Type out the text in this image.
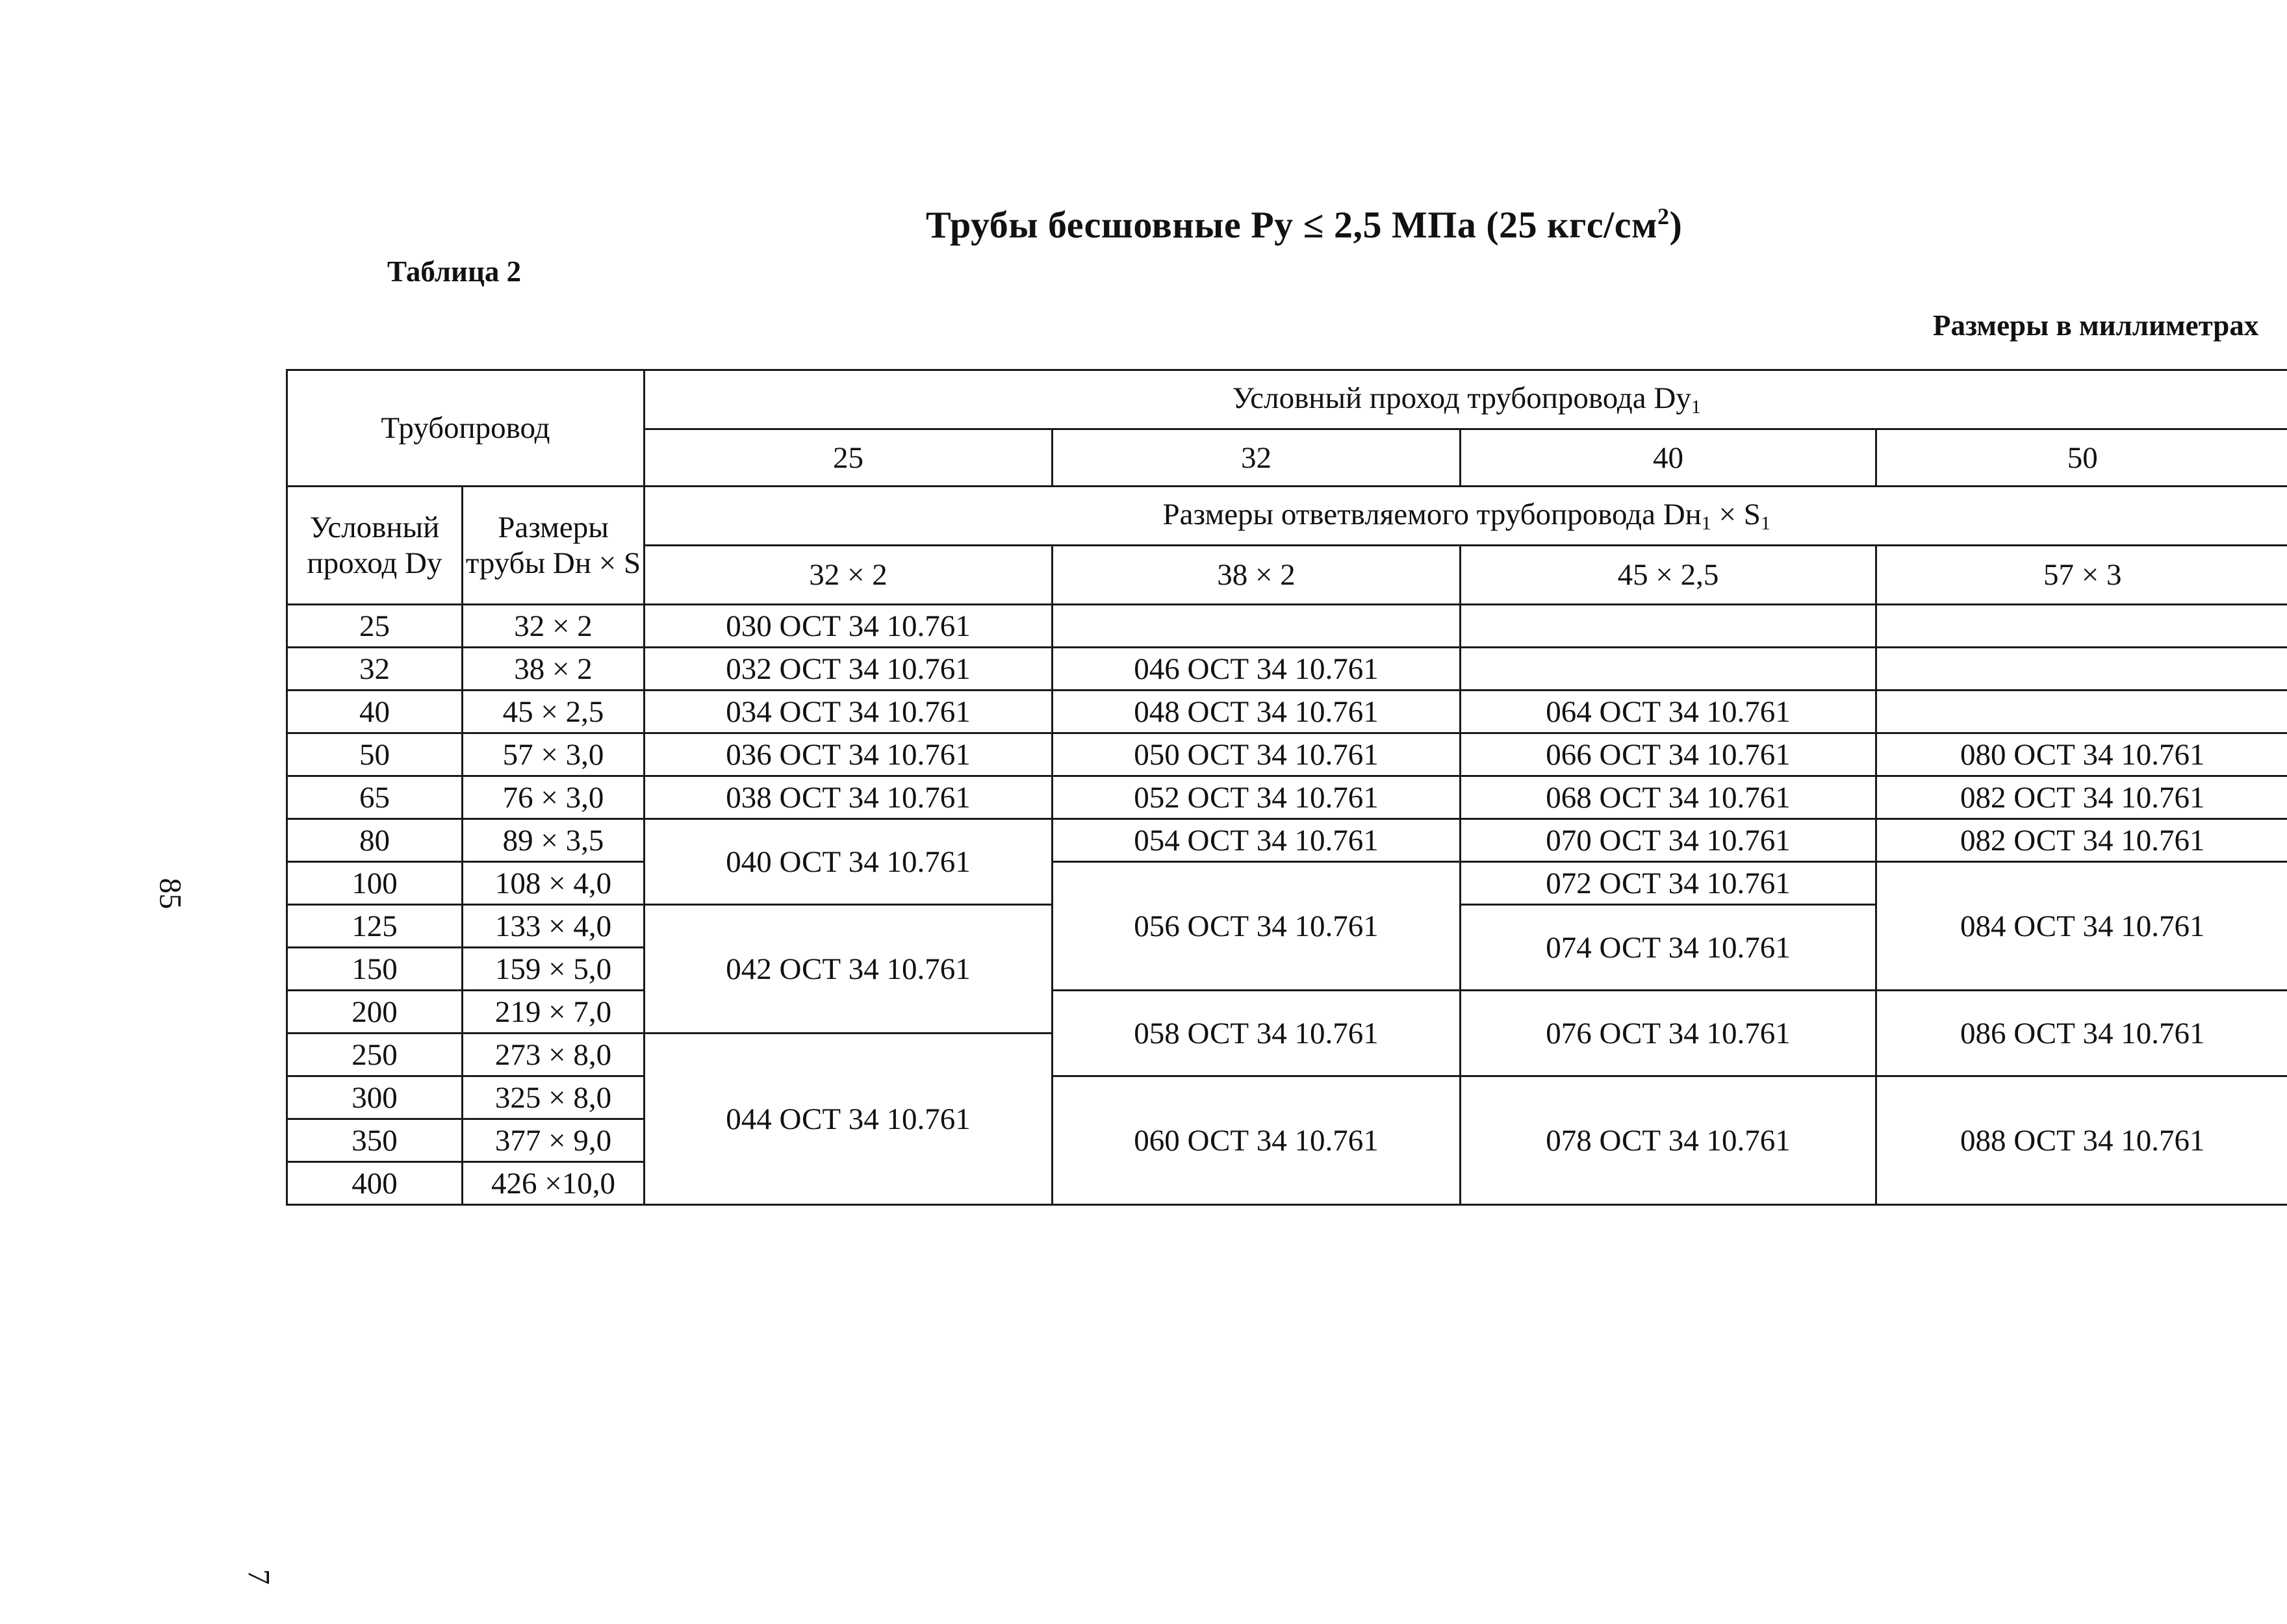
Трубы бесшовные Ру ≤ 2,5 МПа (25 кгс/$см^2$)
Таблица 2
Размеры в миллиметрах
85
7
Трубопровод		Условный проход трубопровода $Dу_1$
		25	32	40	50
Условный проход Dу	Размеры трубы Dн × S	Размеры ответвляемого трубопровода $Dн_1 \times S_1$
		32 × 2	38 × 2	45 × 2,5	57 × 3
25	32 × 2	030 ОСТ 34 10.761			
32	38 × 2	032 ОСТ 34 10.761	046 ОСТ 34 10.761		
40	45 × 2,5	034 ОСТ 34 10.761	048 ОСТ 34 10.761	064 ОСТ 34 10.761	
50	57 × 3,0	036 ОСТ 34 10.761	050 ОСТ 34 10.761	066 ОСТ 34 10.761	080 ОСТ 34 10.761
65	76 × 3,0	038 ОСТ 34 10.761	052 ОСТ 34 10.761	068 ОСТ 34 10.761	082 ОСТ 34 10.761
80	89 × 3,5	040 ОСТ 34 10.761	054 ОСТ 34 10.761	070 ОСТ 34 10.761	082 ОСТ 34 10.761
100	108 × 4,0		056 ОСТ 34 10.761	072 ОСТ 34 10.761	084 ОСТ 34 10.761
125	133 × 4,0	042 ОСТ 34 10.761		074 ОСТ 34 10.761	
150	159 × 5,0				
200	219 × 7,0		058 ОСТ 34 10.761	076 ОСТ 34 10.761	086 ОСТ 34 10.761
250	273 × 8,0	044 ОСТ 34 10.761			
300	325 × 8,0		060 ОСТ 34 10.761	078 ОСТ 34 10.761	088 ОСТ 34 10.761
350	377 × 9,0				
400	426 ×10,0				
